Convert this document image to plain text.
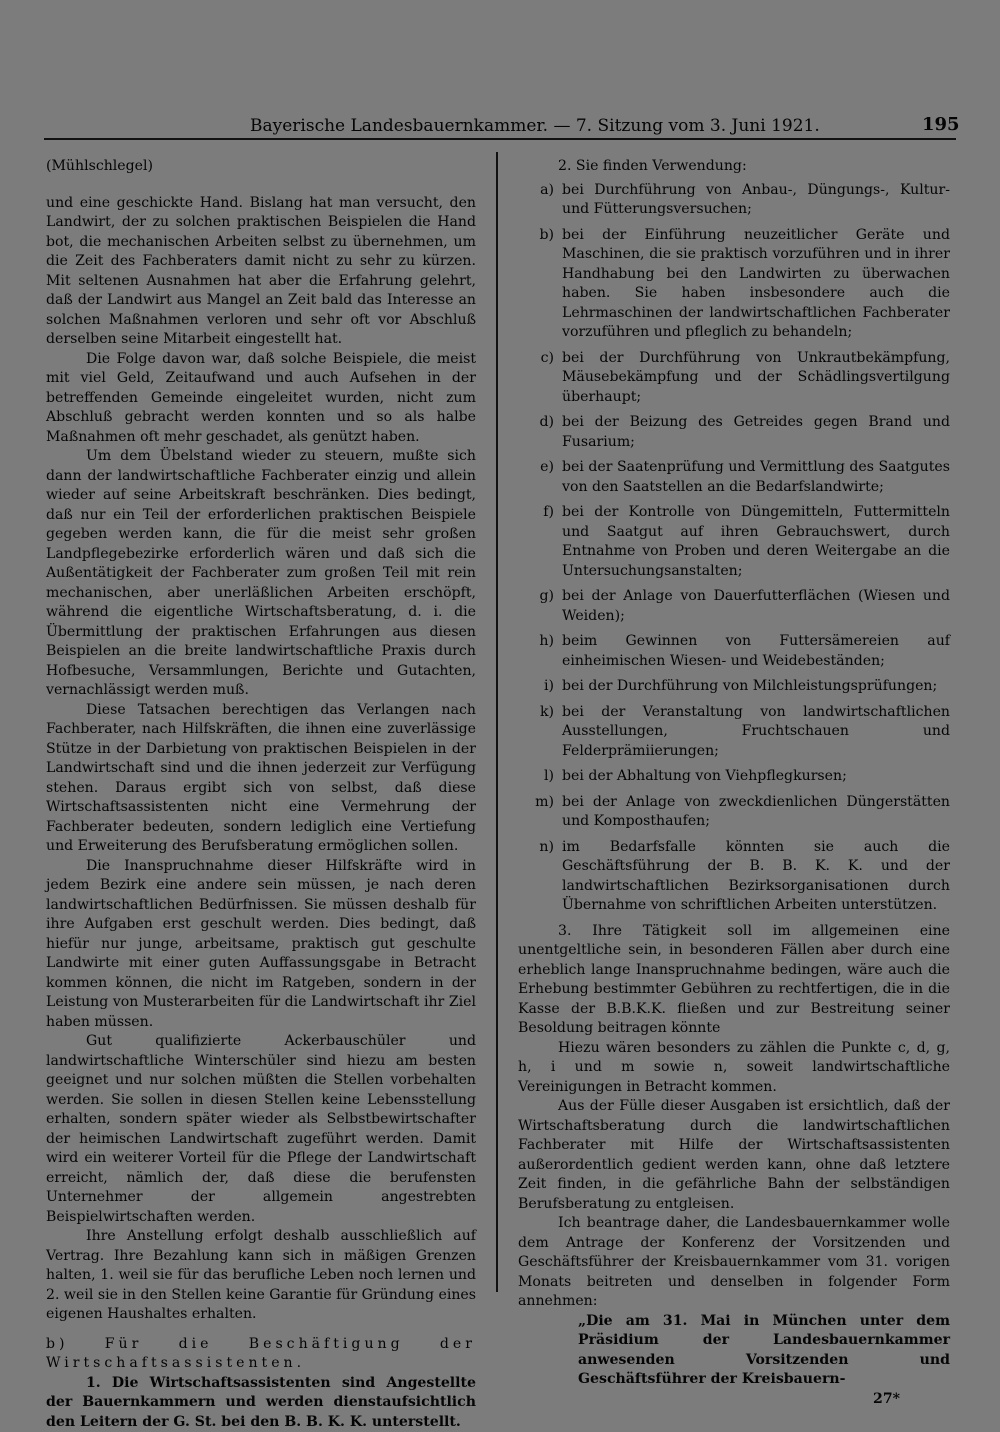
Bayerische Landesbauernkammer. — 7. Sitzung vom 3. Juni 1921.	195

(Mühlschlegel)

und eine geschickte Hand. Bislang hat man versucht, den Landwirt, der zu solchen praktischen Beispielen die Hand bot, die mechanischen Arbeiten selbst zu übernehmen, um die Zeit des Fachberaters damit nicht zu sehr zu kürzen. Mit seltenen Ausnahmen hat aber die Erfahrung gelehrt, daß der Landwirt aus Mangel an Zeit bald das Interesse an solchen Maßnahmen verloren und sehr oft vor Abschluß derselben seine Mitarbeit eingestellt hat.

Die Folge davon war, daß solche Beispiele, die meist mit viel Geld, Zeitaufwand und auch Aufsehen in der betreffenden Gemeinde eingeleitet wurden, nicht zum Abschluß gebracht werden konnten und so als halbe Maßnahmen oft mehr geschadet, als genützt haben.

Um dem Übelstand wieder zu steuern, mußte sich dann der landwirtschaftliche Fachberater einzig und allein wieder auf seine Arbeitskraft beschränken. Dies bedingt, daß nur ein Teil der erforderlichen praktischen Beispiele gegeben werden kann, die für die meist sehr großen Landpflegebezirke erforderlich wären und daß sich die Außentätigkeit der Fachberater zum großen Teil mit rein mechanischen, aber unerläßlichen Arbeiten erschöpft, während die eigentliche Wirtschaftsberatung, d. i. die Übermittlung der praktischen Erfahrungen aus diesen Beispielen an die breite landwirtschaftliche Praxis durch Hofbesuche, Versammlungen, Berichte und Gutachten, vernachlässigt werden muß.

Diese Tatsachen berechtigen das Verlangen nach Fachberater, nach Hilfskräften, die ihnen eine zuverlässige Stütze in der Darbietung von praktischen Beispielen in der Landwirtschaft sind und die ihnen jederzeit zur Verfügung stehen. Daraus ergibt sich von selbst, daß diese Wirtschaftsassistenten nicht eine Vermehrung der Fachberater bedeuten, sondern lediglich eine Vertiefung und Erweiterung des Berufsberatung ermöglichen sollen.

Die Inanspruchnahme dieser Hilfskräfte wird in jedem Bezirk eine andere sein müssen, je nach deren landwirtschaftlichen Bedürfnissen. Sie müssen deshalb für ihre Aufgaben erst geschult werden. Dies bedingt, daß hiefür nur junge, arbeitsame, praktisch gut geschulte Landwirte mit einer guten Auffassungsgabe in Betracht kommen können, die nicht im Ratgeben, sondern in der Leistung von Musterarbeiten für die Landwirtschaft ihr Ziel haben müssen.

Gut qualifizierte Ackerbauschüler und landwirtschaftliche Winterschüler sind hiezu am besten geeignet und nur solchen müßten die Stellen vorbehalten werden. Sie sollen in diesen Stellen keine Lebensstellung erhalten, sondern später wieder als Selbstbewirtschafter der heimischen Landwirtschaft zugeführt werden. Damit wird ein weiterer Vorteil für die Pflege der Landwirtschaft erreicht, nämlich der, daß diese die berufensten Unternehmer der allgemein angestrebten Beispielwirtschaften werden.

Ihre Anstellung erfolgt deshalb ausschließlich auf Vertrag. Ihre Bezahlung kann sich in mäßigen Grenzen halten, 1. weil sie für das berufliche Leben noch lernen und 2. weil sie in den Stellen keine Garantie für Gründung eines eigenen Haushaltes erhalten.

b) Für die Beschäftigung der Wirtschaftsassistenten.

1. Die Wirtschaftsassistenten sind Angestellte der Bauernkammern und werden dienstaufsichtlich den Leitern der G. St. bei den B. B. K. K. unterstellt.

2. Sie finden Verwendung:

a) bei Durchführung von Anbau-, Düngungs-, Kultur- und Fütterungsversuchen;
b) bei der Einführung neuzeitlicher Geräte und Maschinen, die sie praktisch vorzuführen und in ihrer Handhabung bei den Landwirten zu überwachen haben. Sie haben insbesondere auch die Lehrmaschinen der landwirtschaftlichen Fachberater vorzuführen und pfleglich zu behandeln;
c) bei der Durchführung von Unkrautbekämpfung, Mäusebekämpfung und der Schädlingsvertilgung überhaupt;
d) bei der Beizung des Getreides gegen Brand und Fusarium;
e) bei der Saatenprüfung und Vermittlung des Saatgutes von den Saatstellen an die Bedarfslandwirte;
f) bei der Kontrolle von Düngemitteln, Futtermitteln und Saatgut auf ihren Gebrauchswert, durch Entnahme von Proben und deren Weitergabe an die Untersuchungsanstalten;
g) bei der Anlage von Dauerfutterflächen (Wiesen und Weiden);
h) beim Gewinnen von Futtersämereien auf einheimischen Wiesen- und Weidebeständen;
i) bei der Durchführung von Milchleistungsprüfungen;
k) bei der Veranstaltung von landwirtschaftlichen Ausstellungen, Fruchtschauen und Felderprämiierungen;
l) bei der Abhaltung von Viehpflegkursen;
m) bei der Anlage von zweckdienlichen Düngerstätten und Komposthaufen;
n) im Bedarfsfalle könnten sie auch die Geschäftsführung der B. B. K. K. und der landwirtschaftlichen Bezirksorganisationen durch Übernahme von schriftlichen Arbeiten unterstützen.

3. Ihre Tätigkeit soll im allgemeinen eine unentgeltliche sein, in besonderen Fällen aber durch eine erheblich lange Inanspruchnahme bedingen, wäre auch die Erhebung bestimmter Gebühren zu rechtfertigen, die in die Kasse der B.B.K.K. fließen und zur Bestreitung seiner Besoldung beitragen könnte

Hiezu wären besonders zu zählen die Punkte c, d, g, h, i und m sowie n, soweit landwirtschaftliche Vereinigungen in Betracht kommen.

Aus der Fülle dieser Ausgaben ist ersichtlich, daß der Wirtschaftsberatung durch die landwirtschaftlichen Fachberater mit Hilfe der Wirtschaftsassistenten außerordentlich gedient werden kann, ohne daß letztere Zeit finden, in die gefährliche Bahn der selbständigen Berufsberatung zu entgleisen.

Ich beantrage daher, die Landesbauernkammer wolle dem Antrage der Konferenz der Vorsitzenden und Geschäftsführer der Kreisbauernkammer vom 31. vorigen Monats beitreten und denselben in folgender Form annehmen:

„Die am 31. Mai in München unter dem Präsidium der Landesbauernkammer anwesenden Vorsitzenden und Geschäftsführer der Kreisbauern-

27*
